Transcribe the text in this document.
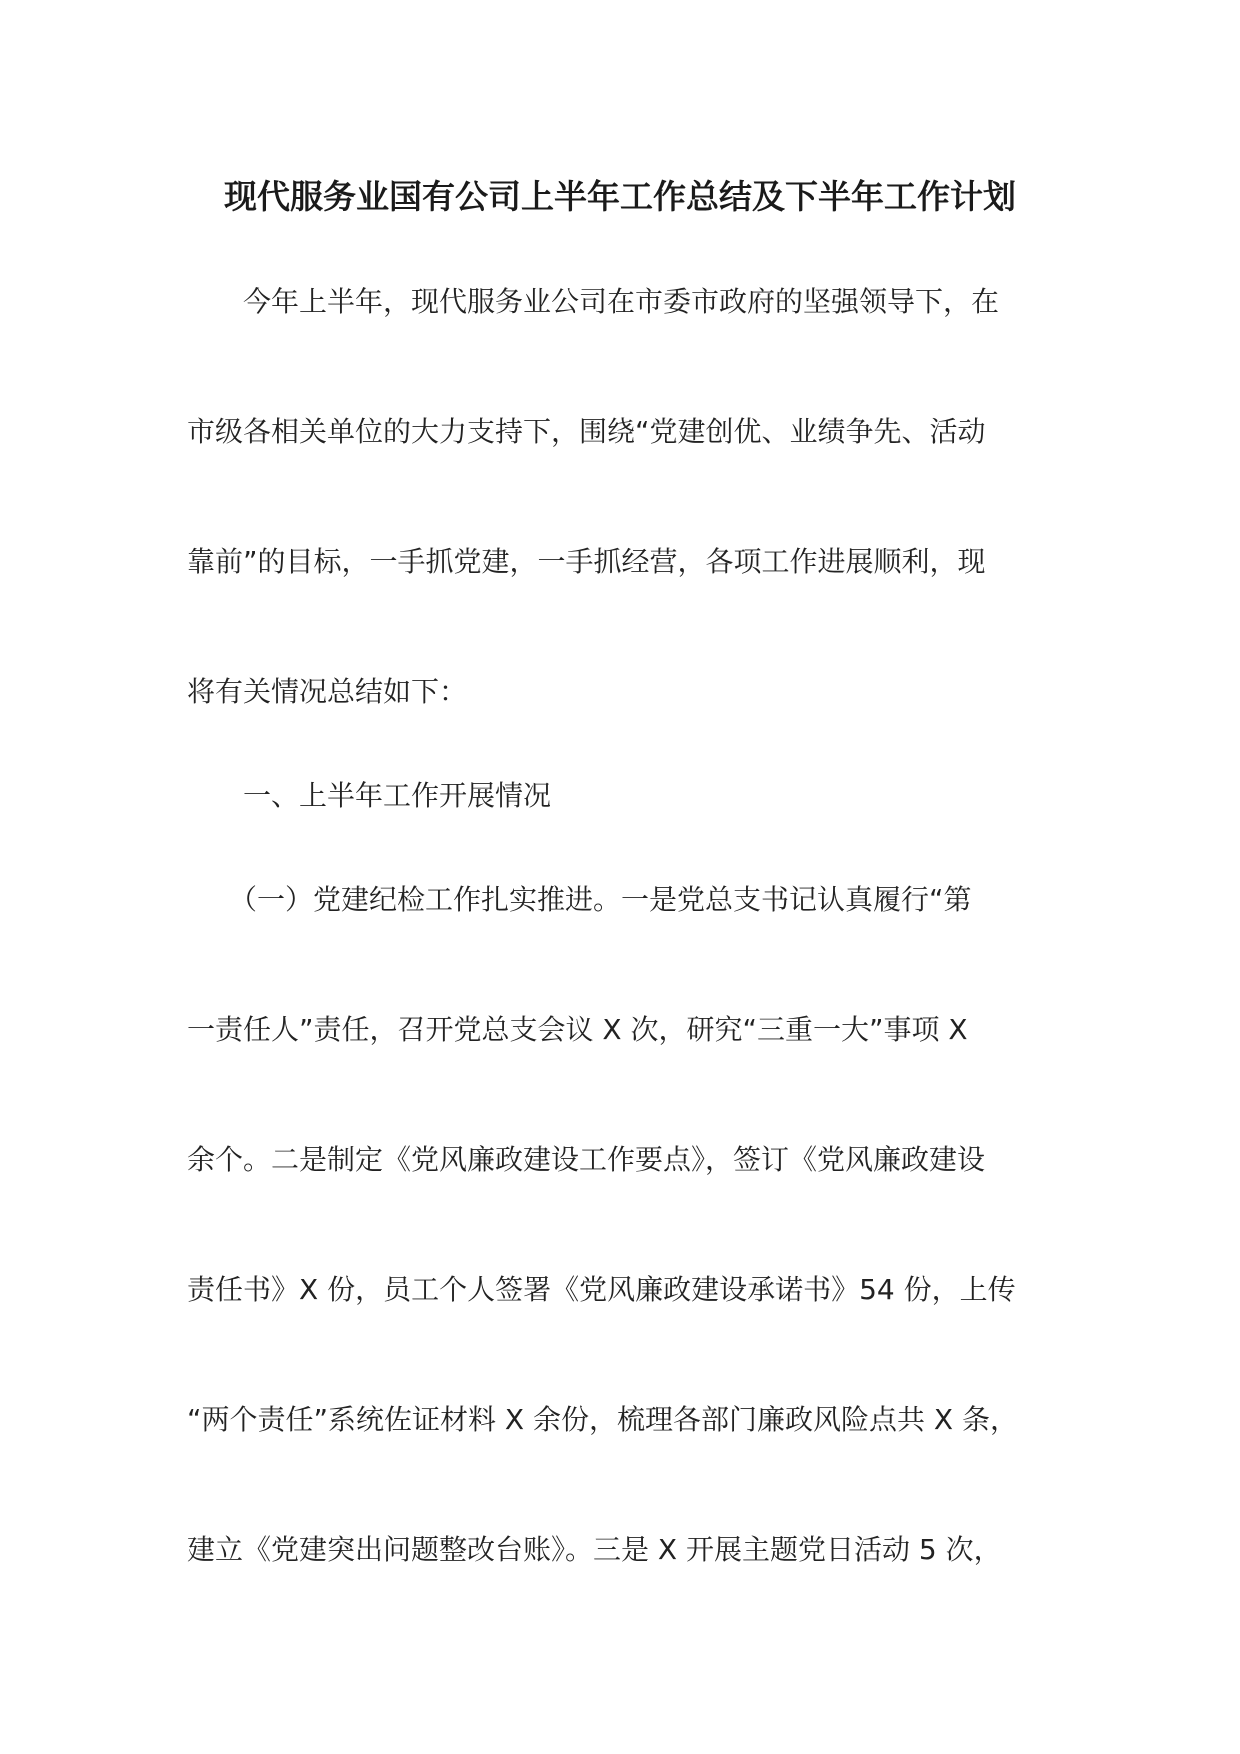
现代服务业国有公司上半年工作总结及下半年工作计划
　　今年上半年，现代服务业公司在市委市政府的坚强领导下，在
市级各相关单位的大力支持下，围绕“党建创优、业绩争先、活动
靠前”的目标，一手抓党建，一手抓经营，各项工作进展顺利，现
将有关情况总结如下：
　　一、上半年工作开展情况
　　（一）党建纪检工作扎实推进。一是党总支书记认真履行“第
一责任人”责任，召开党总支会议 X 次，研究“三重一大”事项 X
余个。二是制定《党风廉政建设工作要点》，签订《党风廉政建设
责任书》X 份，员工个人签署《党风廉政建设承诺书》54 份，上传
“两个责任”系统佐证材料 X 余份，梳理各部门廉政风险点共 X 条，
建立《党建突出问题整改台账》。三是 X 开展主题党日活动 5 次，
